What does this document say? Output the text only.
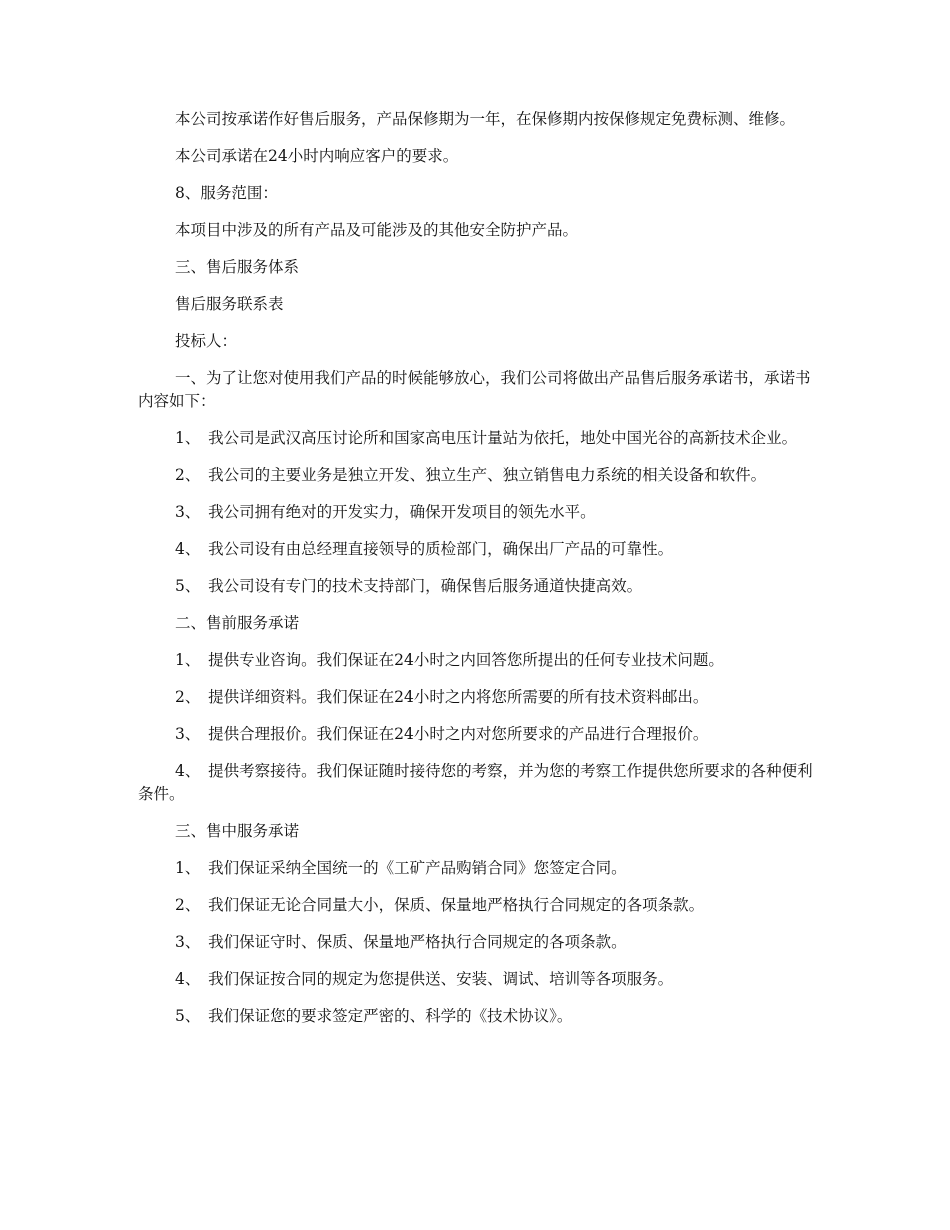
本公司按承诺作好售后服务，产品保修期为一年，在保修期内按保修规定免费标测、维修。

本公司承诺在24小时内响应客户的要求。

8、服务范围：

本项目中涉及的所有产品及可能涉及的其他安全防护产品。

三、售后服务体系

售后服务联系表

投标人：

一、为了让您对使用我们产品的时候能够放心，我们公司将做出产品售后服务承诺书，承诺书内容如下：

1、　我公司是武汉高压讨论所和国家高电压计量站为依托，地处中国光谷的高新技术企业。

2、　我公司的主要业务是独立开发、独立生产、独立销售电力系统的相关设备和软件。

3、　我公司拥有绝对的开发实力，确保开发项目的领先水平。

4、　我公司设有由总经理直接领导的质检部门，确保出厂产品的可靠性。

5、　我公司设有专门的技术支持部门，确保售后服务通道快捷高效。

二、售前服务承诺

1、　提供专业咨询。我们保证在24小时之内回答您所提出的任何专业技术问题。

2、　提供详细资料。我们保证在24小时之内将您所需要的所有技术资料邮出。

3、　提供合理报价。我们保证在24小时之内对您所要求的产品进行合理报价。

4、　提供考察接待。我们保证随时接待您的考察，并为您的考察工作提供您所要求的各种便利条件。

三、售中服务承诺

1、　我们保证采纳全国统一的《工矿产品购销合同》您签定合同。

2、　我们保证无论合同量大小，保质、保量地严格执行合同规定的各项条款。

3、　我们保证守时、保质、保量地严格执行合同规定的各项条款。

4、　我们保证按合同的规定为您提供送、安装、调试、培训等各项服务。

5、　我们保证您的要求签定严密的、科学的《技术协议》。
